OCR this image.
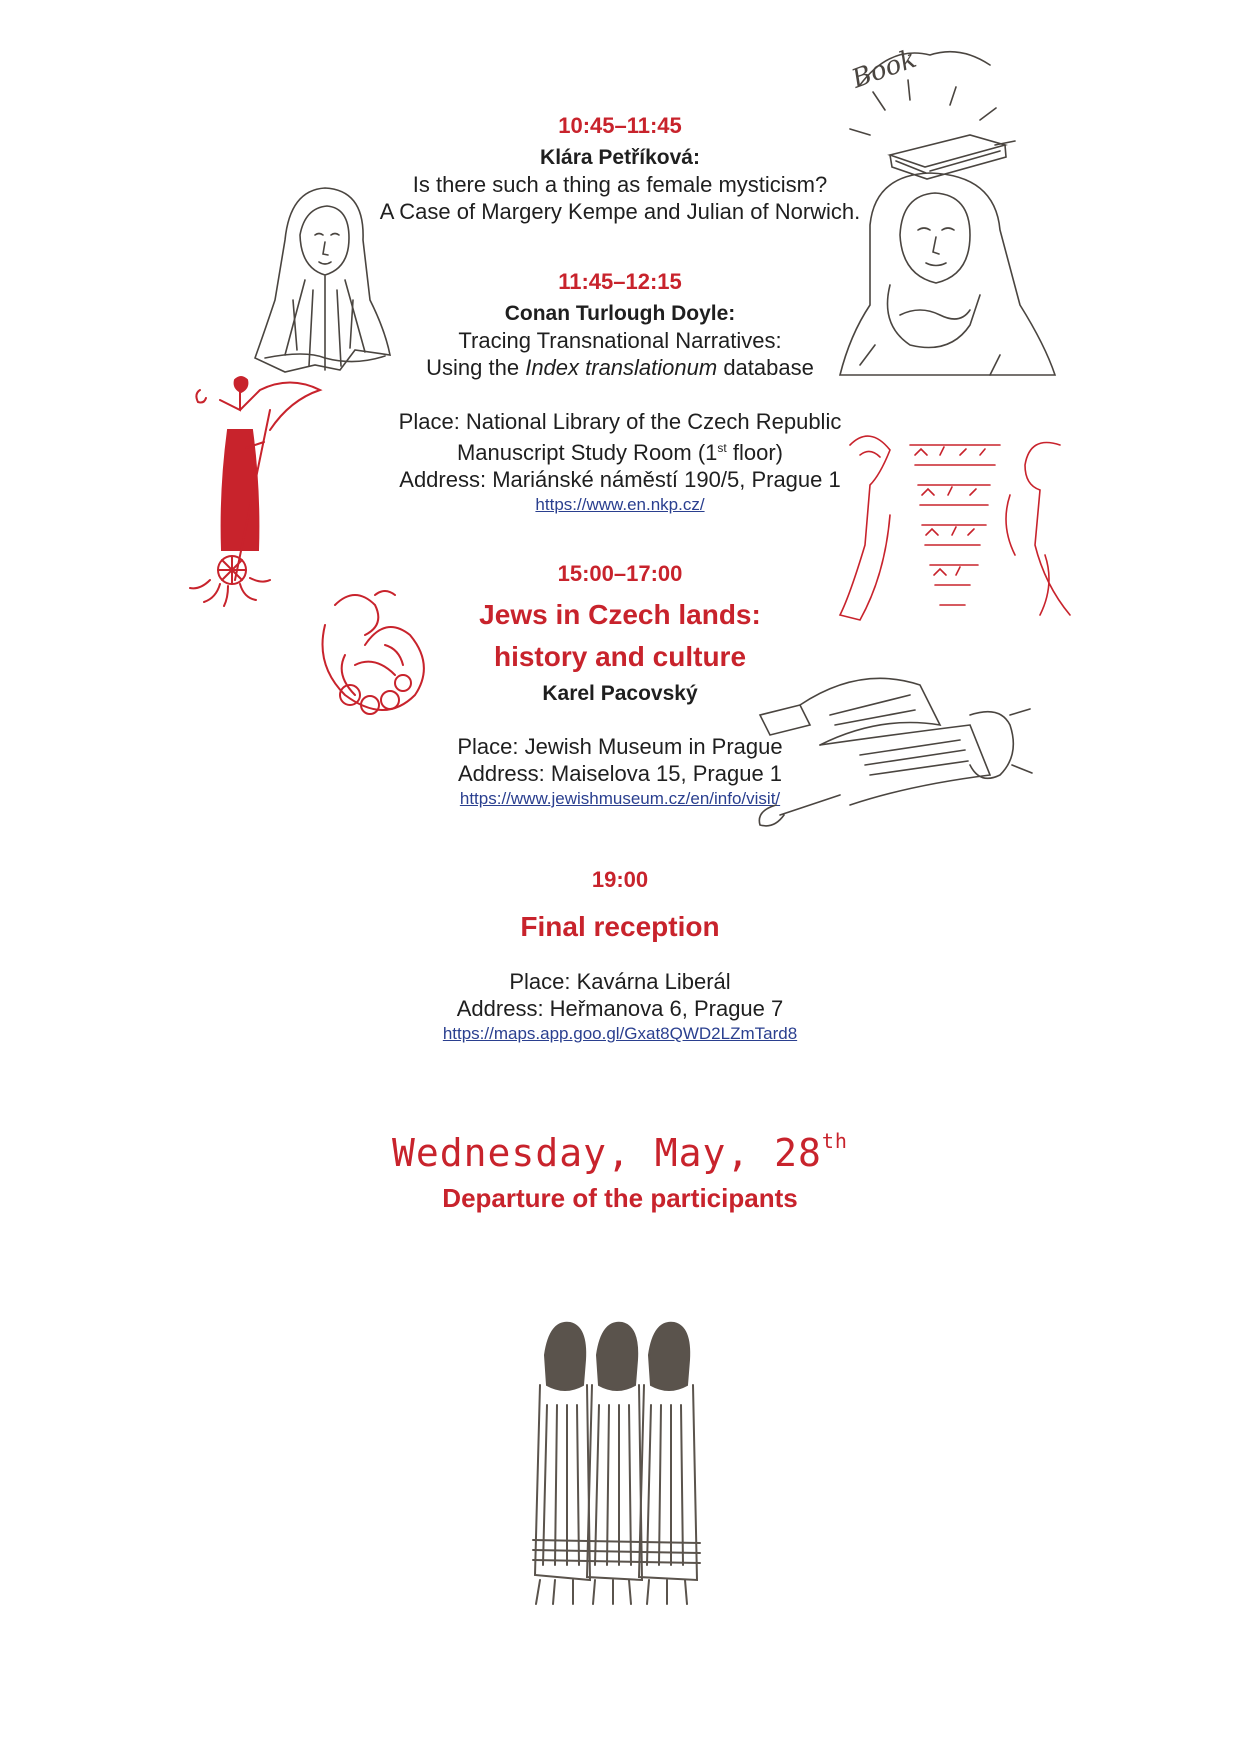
10:45–11:45
Klára Petříková:
Is there such a thing as female mysticism?
A Case of Margery Kempe and Julian of Norwich.
11:45–12:15
Conan Turlough Doyle:
Tracing Transnational Narratives:
Using the Index translationum database
Place: National Library of the Czech Republic
Manuscript Study Room (1st floor)
Address: Mariánské náměstí 190/5, Prague 1
https://www.en.nkp.cz/
15:00–17:00
Jews in Czech lands:
history and culture
Karel Pacovský
Place: Jewish Museum in Prague
Address: Maiselova 15, Prague 1
https://www.jewishmuseum.cz/en/info/visit/
19:00
Final reception
Place: Kavárna Liberál
Address: Heřmanova 6, Prague 7
https://maps.app.goo.gl/Gxat8QWD2LZmTard8
Wednesday, May, 28th
Departure of the participants
Book
